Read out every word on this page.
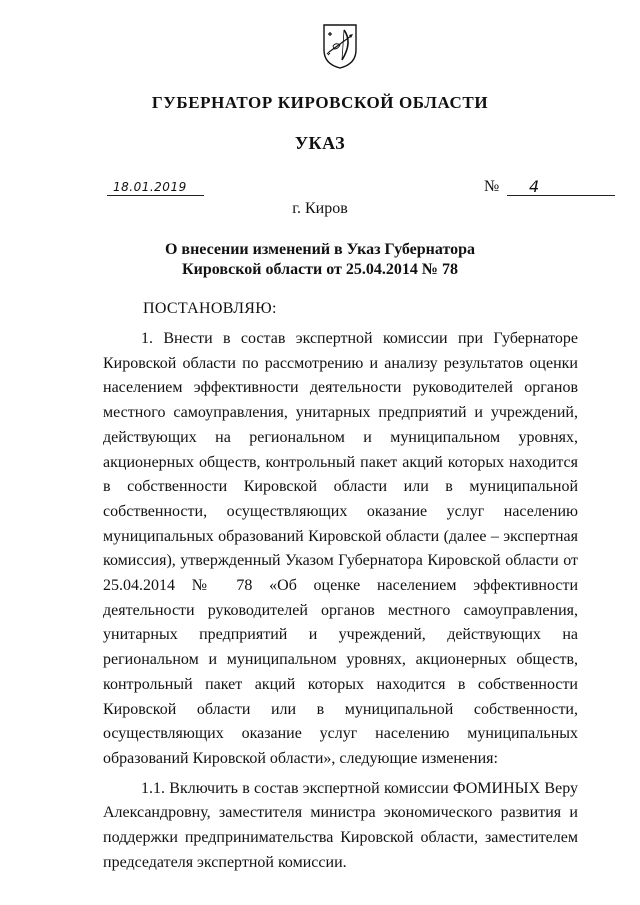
ГУБЕРНАТОР КИРОВСКОЙ ОБЛАСТИ
УКАЗ
18.01.2019	№	4
г. Киров
О внесении изменений в Указ Губернатора
Кировской области от 25.04.2014 № 78
ПОСТАНОВЛЯЮ:

1. Внести в состав экспертной комиссии при Губернаторе Кировской области по рассмотрению и анализу результатов оценки населением эффективности деятельности руководителей органов местного самоуправления, унитарных предприятий и учреждений, действующих на региональном и муниципальном уровнях, акционерных обществ, контрольный пакет акций которых находится в собственности Кировской области или в муниципальной собственности, осуществляющих оказание услуг населению муниципальных образований Кировской области (далее – экспертная комиссия), утвержденный Указом Губернатора Кировской области от 25.04.2014 № 78 «Об оценке населением эффективности деятельности руководителей органов местного самоуправления, унитарных предприятий и учреждений, действующих на региональном и муниципальном уровнях, акционерных обществ, контрольный пакет акций которых находится в собственности Кировской области или в муниципальной собственности, осуществляющих оказание услуг населению муниципальных образований Кировской области», следующие изменения:

1.1. Включить в состав экспертной комиссии ФОМИНЫХ Веру Александровну, заместителя министра экономического развития и поддержки предпринимательства Кировской области, заместителем председателя экспертной комиссии.
